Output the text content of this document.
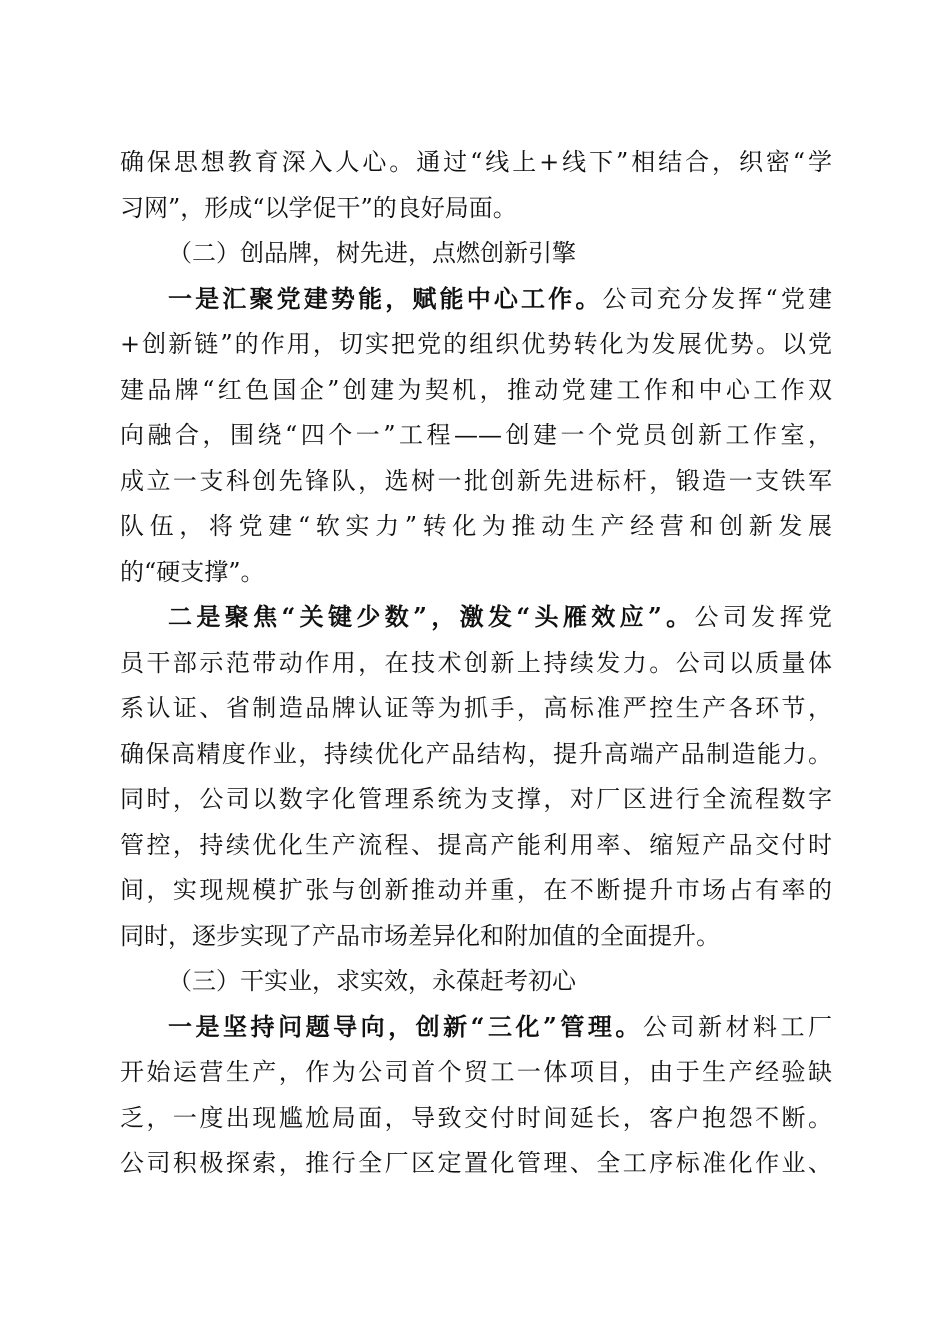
确保思想教育深入人心。通过“线上+线下”相结合，织密“学
习网”，形成“以学促干”的良好局面。
（二）创品牌，树先进，点燃创新引擎
一是汇聚党建势能，赋能中心工作。公司充分发挥“党建
+创新链”的作用，切实把党的组织优势转化为发展优势。以党
建品牌“红色国企”创建为契机，推动党建工作和中心工作双
向融合，围绕“四个一”工程——创建一个党员创新工作室，
成立一支科创先锋队，选树一批创新先进标杆，锻造一支铁军
队伍，将党建“软实力”转化为推动生产经营和创新发展
的“硬支撑”。
二是聚焦“关键少数”，激发“头雁效应”。公司发挥党
员干部示范带动作用，在技术创新上持续发力。公司以质量体
系认证、省制造品牌认证等为抓手，高标准严控生产各环节，
确保高精度作业，持续优化产品结构，提升高端产品制造能力。
同时，公司以数字化管理系统为支撑，对厂区进行全流程数字
管控，持续优化生产流程、提高产能利用率、缩短产品交付时
间，实现规模扩张与创新推动并重，在不断提升市场占有率的
同时，逐步实现了产品市场差异化和附加值的全面提升。
（三）干实业，求实效，永葆赶考初心
一是坚持问题导向，创新“三化”管理。公司新材料工厂
开始运营生产，作为公司首个贸工一体项目，由于生产经验缺
乏，一度出现尴尬局面，导致交付时间延长，客户抱怨不断。
公司积极探索，推行全厂区定置化管理、全工序标准化作业、
